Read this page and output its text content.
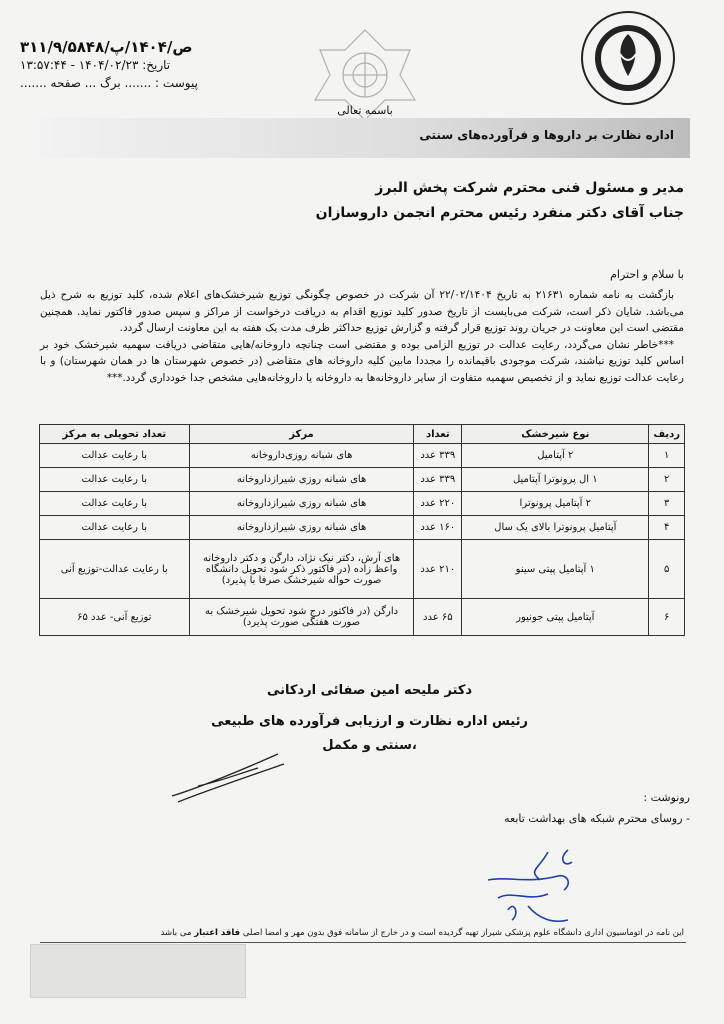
ص/۱۴۰۴/پ/۳۱۱/۹/۵۸۴۸
تاریخ: ۱۴۰۴/۰۲/۲۳ - ۱۳:۵۷:۴۴
پیوست : ....... برگ ... صفحه .......
باسمه تعالی
اداره نظارت بر داروها و فرآورده‌های سنتی
مدیر و مسئول فنی محترم شرکت پخش البرز
جناب آقای دکتر منفرد رئیس محترم انجمن داروسازان
با سلام و احترام

بازگشت به نامه شماره ۲۱۶۳۱ به تاریخ ۲۲/۰۲/۱۴۰۴ آن شرکت در خصوص چگونگی توزیع شیرخشک‌های اعلام شده، کلید توزیع به شرح ذیل می‌باشد. شایان ذکر است، شرکت می‌بایست از تاریخ صدور کلید توزیع اقدام به دریافت درخواست از مراکز و سپس صدور فاکتور نماید. همچنین مقتضی است این معاونت در جریان روند توزیع قرار گرفته و گزارش توزیع حداکثر ظرف مدت یک هفته به این معاونت ارسال گردد.

***خاطر نشان می‌گردد، رعایت عدالت در توزیع الزامی بوده و مقتضی است چنانچه داروخانه/هایی متقاضی دریافت سهمیه شیرخشک خود بر اساس کلید توزیع نباشند، شرکت موجودی باقیمانده را مجددا مابین کلیه داروخانه های متقاضی (در خصوص شهرستان ها در همان شهرستان) و با رعایت عدالت توزیع نماید و از تخصیص سهمیه متفاوت از سایر داروخانه‌ها به داروخانه یا داروخانه‌هایی مشخص جدا خودداری گردد.***

ردیف	نوع شیرخشک	تعداد	مرکز	تعداد تحویلی به مرکز
۱	۲ آپتامیل	۳۳۹ عدد	های شبانه روزی‌داروخانه	با رعایت عدالت
۲	۱ ال پرونوترا آپتامیل	۳۳۹ عدد	های شبانه روزی شیرازداروخانه	با رعایت عدالت
۳	۲ آپتامیل پرونوترا	۲۲۰ عدد	های شبانه روزی شیرازداروخانه	با رعایت عدالت
۴	آپتامیل پرونوترا بالای یک سال	۱۶۰ عدد	های شبانه روزی شیرازداروخانه	با رعایت عدالت
۵	۱ آپتامیل پپتی سینو	۲۱۰ عدد	های آرش، دکتر نیک نژاد، دارگن و دکتر داروخانه واعظ زاده (در فاکتور ذکر شود تحویل دانشگاه صورت حواله شیرخشک صرفا با پذیرد)	با رعایت عدالت-توزیع آنی
۶	آپتامیل پپتی جونیور	۶۵ عدد	دارگن (در فاکتور درج شود تحویل شیرخشک به صورت هفتگی صورت پذیرد)	توزیع آنی- عدد ۶۵
دکتر ملیحه امین صفائی اردکانی
رئیس اداره نظارت و ارزیابی فرآورده های طبیعی
،سنتی و مکمل
رونوشت :
- روسای محترم شبکه های بهداشت تابعه
این نامه در اتوماسیون اداری دانشگاه علوم پزشکی شیراز تهیه گردیده است و در خارج از سامانه فوق بدون مهر و امضا اصلی فاقد اعتبار می باشد
